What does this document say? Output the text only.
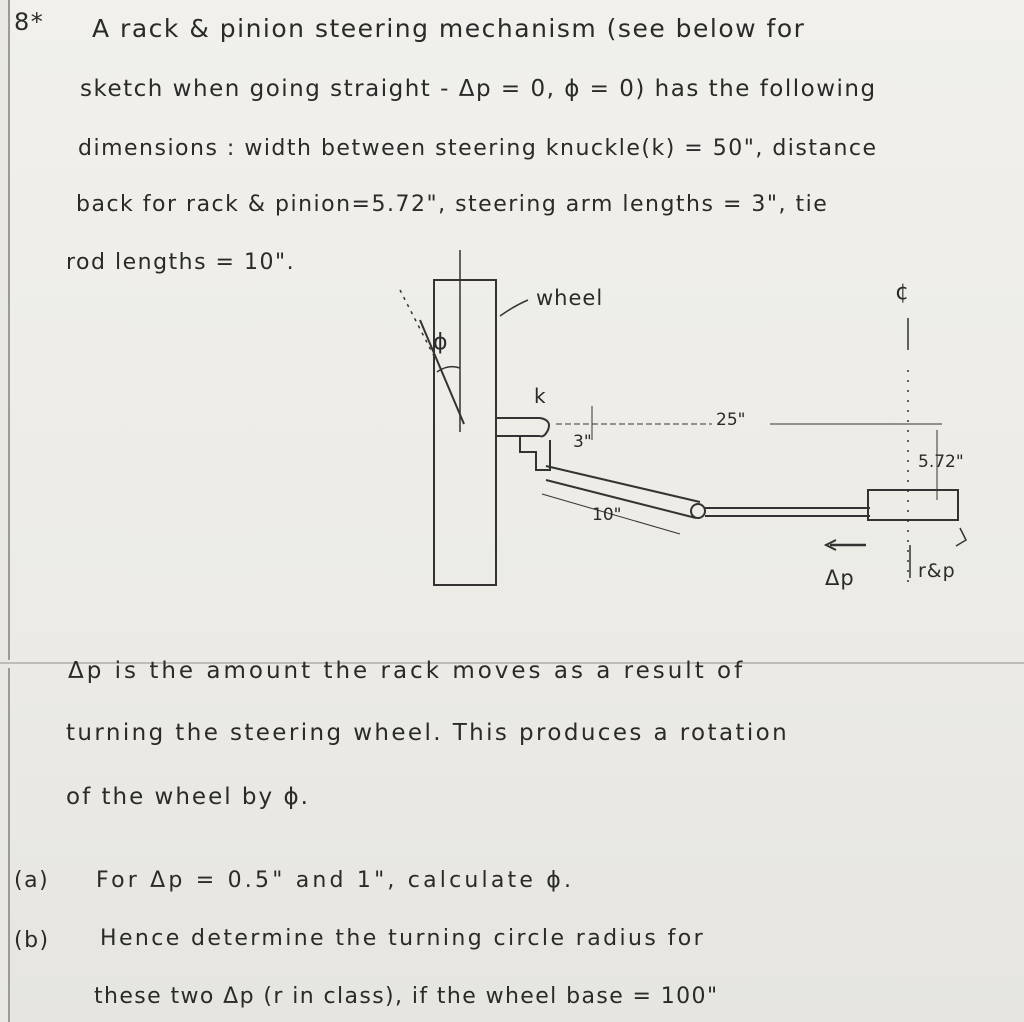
8* A rack & pinion steering mechanism (see below for
sketch when going straight - Δp = 0, ϕ = 0) has the following
dimensions : width between steering knuckle(k) = 50", distance
back for rack & pinion=5.72", steering arm lengths = 3", tie
rod lengths = 10".
wheel
ϕ
k
25"
3"
10"
5.72"
¢
Δp	r&p
Δp is the amount the rack moves as a result of
turning the steering wheel. This produces a rotation
of the wheel by ϕ.
(a) For Δp = 0.5" and 1", calculate ϕ.
(b) Hence determine the turning circle radius for
these two Δp (r in class), if the wheel base = 100"
